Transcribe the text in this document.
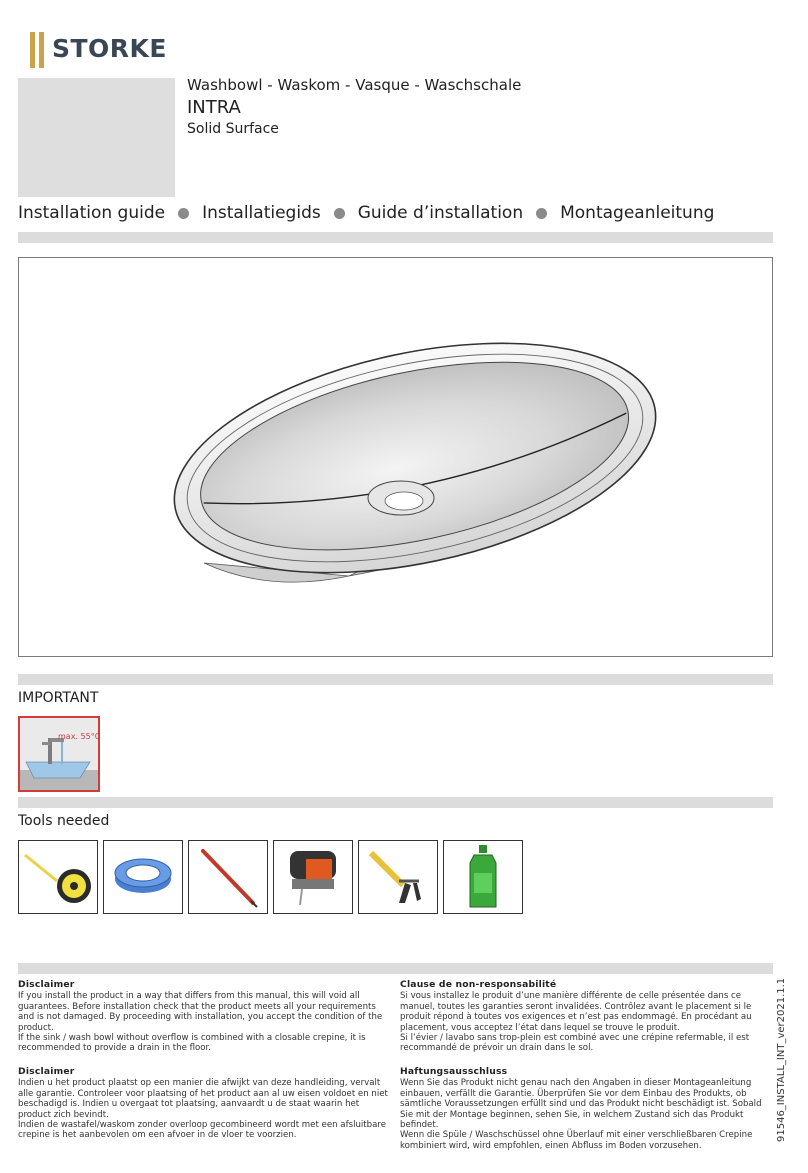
STORKE
Washbowl - Waskom - Vasque - Waschschale
INTRA
Solid Surface
Installation guide Installatiegids Guide d’installation Montageanleitung
IMPORTANT
max. 55°C
Tools needed
Disclaimer
If you install the product in a way that differs from this manual, this will void all guarantees. Before installation check that the product meets all your requirements and is not damaged. By proceeding with installation, you accept the condition of the product.
If the sink / wash bowl without overflow is combined with a closable crepine, it is recommended to provide a drain in the floor.
Clause de non-responsabilité
Si vous installez le produit d’une manière différente de celle présentée dans ce manuel, toutes les garanties seront invalidées. Contrôlez avant le placement si le produit répond à toutes vos exigences et n’est pas endommagé. En procédant au placement, vous acceptez l’état dans lequel se trouve le produit.
Si l’évier / lavabo sans trop-plein est combiné avec une crépine refermable, il est recommandé de prévoir un drain dans le sol.
Disclaimer
Indien u het product plaatst op een manier die afwijkt van deze handleiding, vervalt alle garantie. Controleer voor plaatsing of het product aan al uw eisen voldoet en niet beschadigd is. Indien u overgaat tot plaatsing, aanvaardt u de staat waarin het product zich bevindt.
Indien de wastafel/waskom zonder overloop gecombineerd wordt met een afsluitbare crepine is het aanbevolen om een afvoer in de vloer te voorzien.
Haftungsausschluss
Wenn Sie das Produkt nicht genau nach den Angaben in dieser Montageanleitung einbauen, verfällt die Garantie. Überprüfen Sie vor dem Einbau des Produkts, ob sämtliche Voraussetzungen erfüllt sind und das Produkt nicht beschädigt ist. Sobald Sie mit der Montage beginnen, sehen Sie, in welchem Zustand sich das Produkt befindet.
Wenn die Spüle / Waschschüssel ohne Überlauf mit einer verschließbaren Crepine kombiniert wird, wird empfohlen, einen Abfluss im Boden vorzusehen.
91546_INSTALL_INT_ver2021.1.1
